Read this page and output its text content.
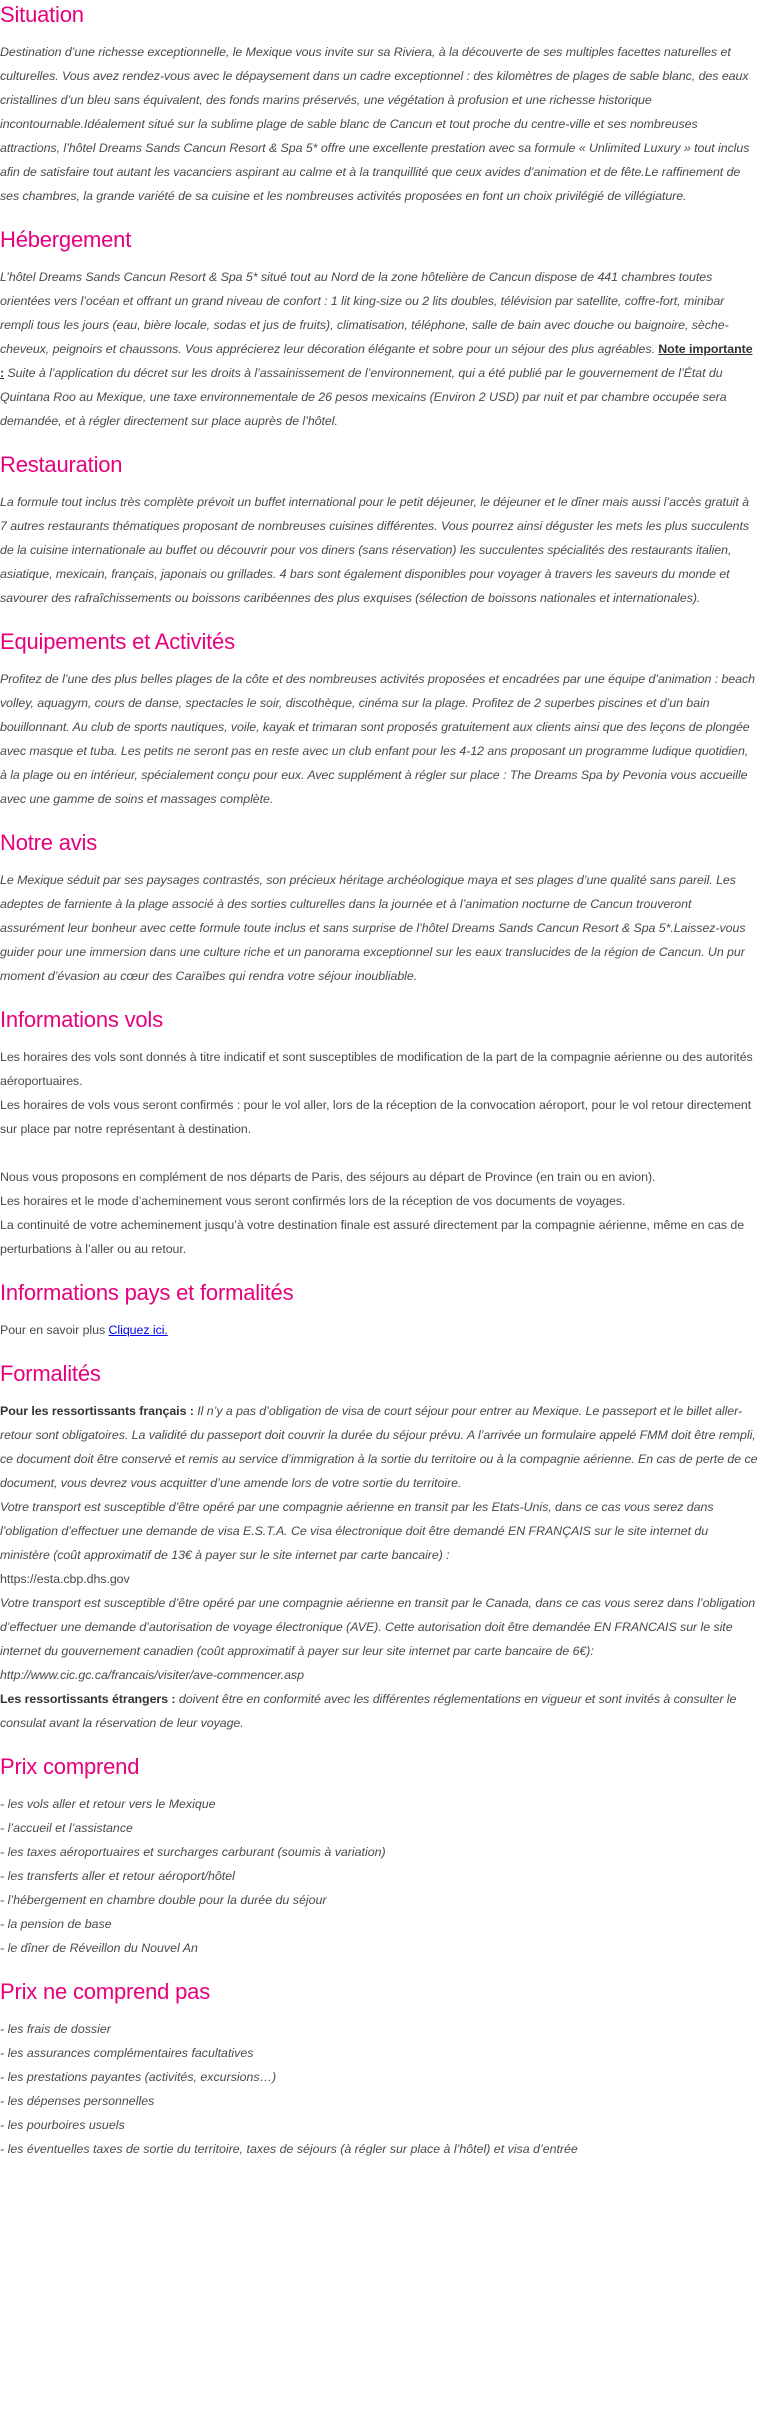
Situation

Destination d’une richesse exceptionnelle, le Mexique vous invite sur sa Riviera, à la découverte de ses multiples facettes naturelles et culturelles. Vous avez rendez-vous avec le dépaysement dans un cadre exceptionnel : des kilomètres de plages de sable blanc, des eaux cristallines d’un bleu sans équivalent, des fonds marins préservés, une végétation à profusion et une richesse historique incontournable.Idéalement situé sur la sublime plage de sable blanc de Cancun et tout proche du centre-ville et ses nombreuses attractions, l’hôtel Dreams Sands Cancun Resort & Spa 5* offre une excellente prestation avec sa formule « Unlimited Luxury » tout inclus afin de satisfaire tout autant les vacanciers aspirant au calme et à la tranquillité que ceux avides d’animation et de fête.Le raffinement de ses chambres, la grande variété de sa cuisine et les nombreuses activités proposées en font un choix privilégié de villégiature.

Hébergement

L’hôtel Dreams Sands Cancun Resort & Spa 5* situé tout au Nord de la zone hôtelière de Cancun dispose de 441 chambres toutes orientées vers l’océan et offrant un grand niveau de confort : 1 lit king-size ou 2 lits doubles, télévision par satellite, coffre-fort, minibar rempli tous les jours (eau, bière locale, sodas et jus de fruits), climatisation, téléphone, salle de bain avec douche ou baignoire, sèche-cheveux, peignoirs et chaussons. Vous apprécierez leur décoration élégante et sobre pour un séjour des plus agréables. Note importante : Suite à l’application du décret sur les droits à l’assainissement de l’environnement, qui a été publié par le gouvernement de l’État du Quintana Roo au Mexique, une taxe environnementale de 26 pesos mexicains (Environ 2 USD) par nuit et par chambre occupée sera demandée, et à régler directement sur place auprès de l’hôtel.

Restauration

La formule tout inclus très complète prévoit un buffet international pour le petit déjeuner, le déjeuner et le dîner mais aussi l’accès gratuit à 7 autres restaurants thématiques proposant de nombreuses cuisines différentes. Vous pourrez ainsi déguster les mets les plus succulents de la cuisine internationale au buffet ou découvrir pour vos diners (sans réservation) les succulentes spécialités des restaurants italien, asiatique, mexicain, français, japonais ou grillades. 4 bars sont également disponibles pour voyager à travers les saveurs du monde et savourer des rafraîchissements ou boissons caribéennes des plus exquises (sélection de boissons nationales et internationales).

Equipements et Activités

Profitez de l’une des plus belles plages de la côte et des nombreuses activités proposées et encadrées par une équipe d’animation : beach volley, aquagym, cours de danse, spectacles le soir, discothèque, cinéma sur la plage. Profitez de 2 superbes piscines et d’un bain bouillonnant. Au club de sports nautiques, voile, kayak et trimaran sont proposés gratuitement aux clients ainsi que des leçons de plongée avec masque et tuba. Les petits ne seront pas en reste avec un club enfant pour les 4-12 ans proposant un programme ludique quotidien, à la plage ou en intérieur, spécialement conçu pour eux. Avec supplément à régler sur place : The Dreams Spa by Pevonia vous accueille avec une gamme de soins et massages complète.

Notre avis

Le Mexique séduit par ses paysages contrastés, son précieux héritage archéologique maya et ses plages d’une qualité sans pareil. Les adeptes de farniente à la plage associé à des sorties culturelles dans la journée et à l’animation nocturne de Cancun trouveront assurément leur bonheur avec cette formule toute inclus et sans surprise de l’hôtel Dreams Sands Cancun Resort & Spa 5*.Laissez-vous guider pour une immersion dans une culture riche et un panorama exceptionnel sur les eaux translucides de la région de Cancun. Un pur moment d’évasion au cœur des Caraïbes qui rendra votre séjour inoubliable.

Informations vols

Les horaires des vols sont donnés à titre indicatif et sont susceptibles de modification de la part de la compagnie aérienne ou des autorités aéroportuaires.

Les horaires de vols vous seront confirmés : pour le vol aller, lors de la réception de la convocation aéroport, pour le vol retour directement sur place par notre représentant à destination.

Nous vous proposons en complément de nos départs de Paris, des séjours au départ de Province (en train ou en avion).

Les horaires et le mode d’acheminement vous seront confirmés lors de la réception de vos documents de voyages.

La continuité de votre acheminement jusqu’à votre destination finale est assuré directement par la compagnie aérienne, même en cas de perturbations à l’aller ou au retour.

Informations pays et formalités

Pour en savoir plus Cliquez ici.

Formalités

Pour les ressortissants français : Il n’y a pas d’obligation de visa de court séjour pour entrer au Mexique. Le passeport et le billet aller-retour sont obligatoires. La validité du passeport doit couvrir la durée du séjour prévu. A l’arrivée un formulaire appelé FMM doit être rempli, ce document doit être conservé et remis au service d’immigration à la sortie du territoire ou à la compagnie aérienne. En cas de perte de ce document, vous devrez vous acquitter d’une amende lors de votre sortie du territoire.

Votre transport est susceptible d’être opéré par une compagnie aérienne en transit par les Etats-Unis, dans ce cas vous serez dans l’obligation d’effectuer une demande de visa E.S.T.A. Ce visa électronique doit être demandé EN FRANÇAIS sur le site internet du ministère (coût approximatif de 13€ à payer sur le site internet par carte bancaire) :

https://esta.cbp.dhs.gov

Votre transport est susceptible d’être opéré par une compagnie aérienne en transit par le Canada, dans ce cas vous serez dans l’obligation d’effectuer une demande d’autorisation de voyage électronique (AVE). Cette autorisation doit être demandée EN FRANCAIS sur le site internet du gouvernement canadien (coût approximatif à payer sur leur site internet par carte bancaire de 6€): http://www.cic.gc.ca/francais/visiter/ave-commencer.asp

Les ressortissants étrangers : doivent être en conformité avec les différentes réglementations en vigueur et sont invités à consulter le consulat avant la réservation de leur voyage.

Prix comprend
- les vols aller et retour vers le Mexique
- l’accueil et l’assistance
- les taxes aéroportuaires et surcharges carburant (soumis à variation)
- les transferts aller et retour aéroport/hôtel
- l’hébergement en chambre double pour la durée du séjour
- la pension de base
- le dîner de Réveillon du Nouvel An
Prix ne comprend pas
- les frais de dossier
- les assurances complémentaires facultatives
- les prestations payantes (activités, excursions…)
- les dépenses personnelles
- les pourboires usuels
- les éventuelles taxes de sortie du territoire, taxes de séjours (à régler sur place à l’hôtel) et visa d’entrée
